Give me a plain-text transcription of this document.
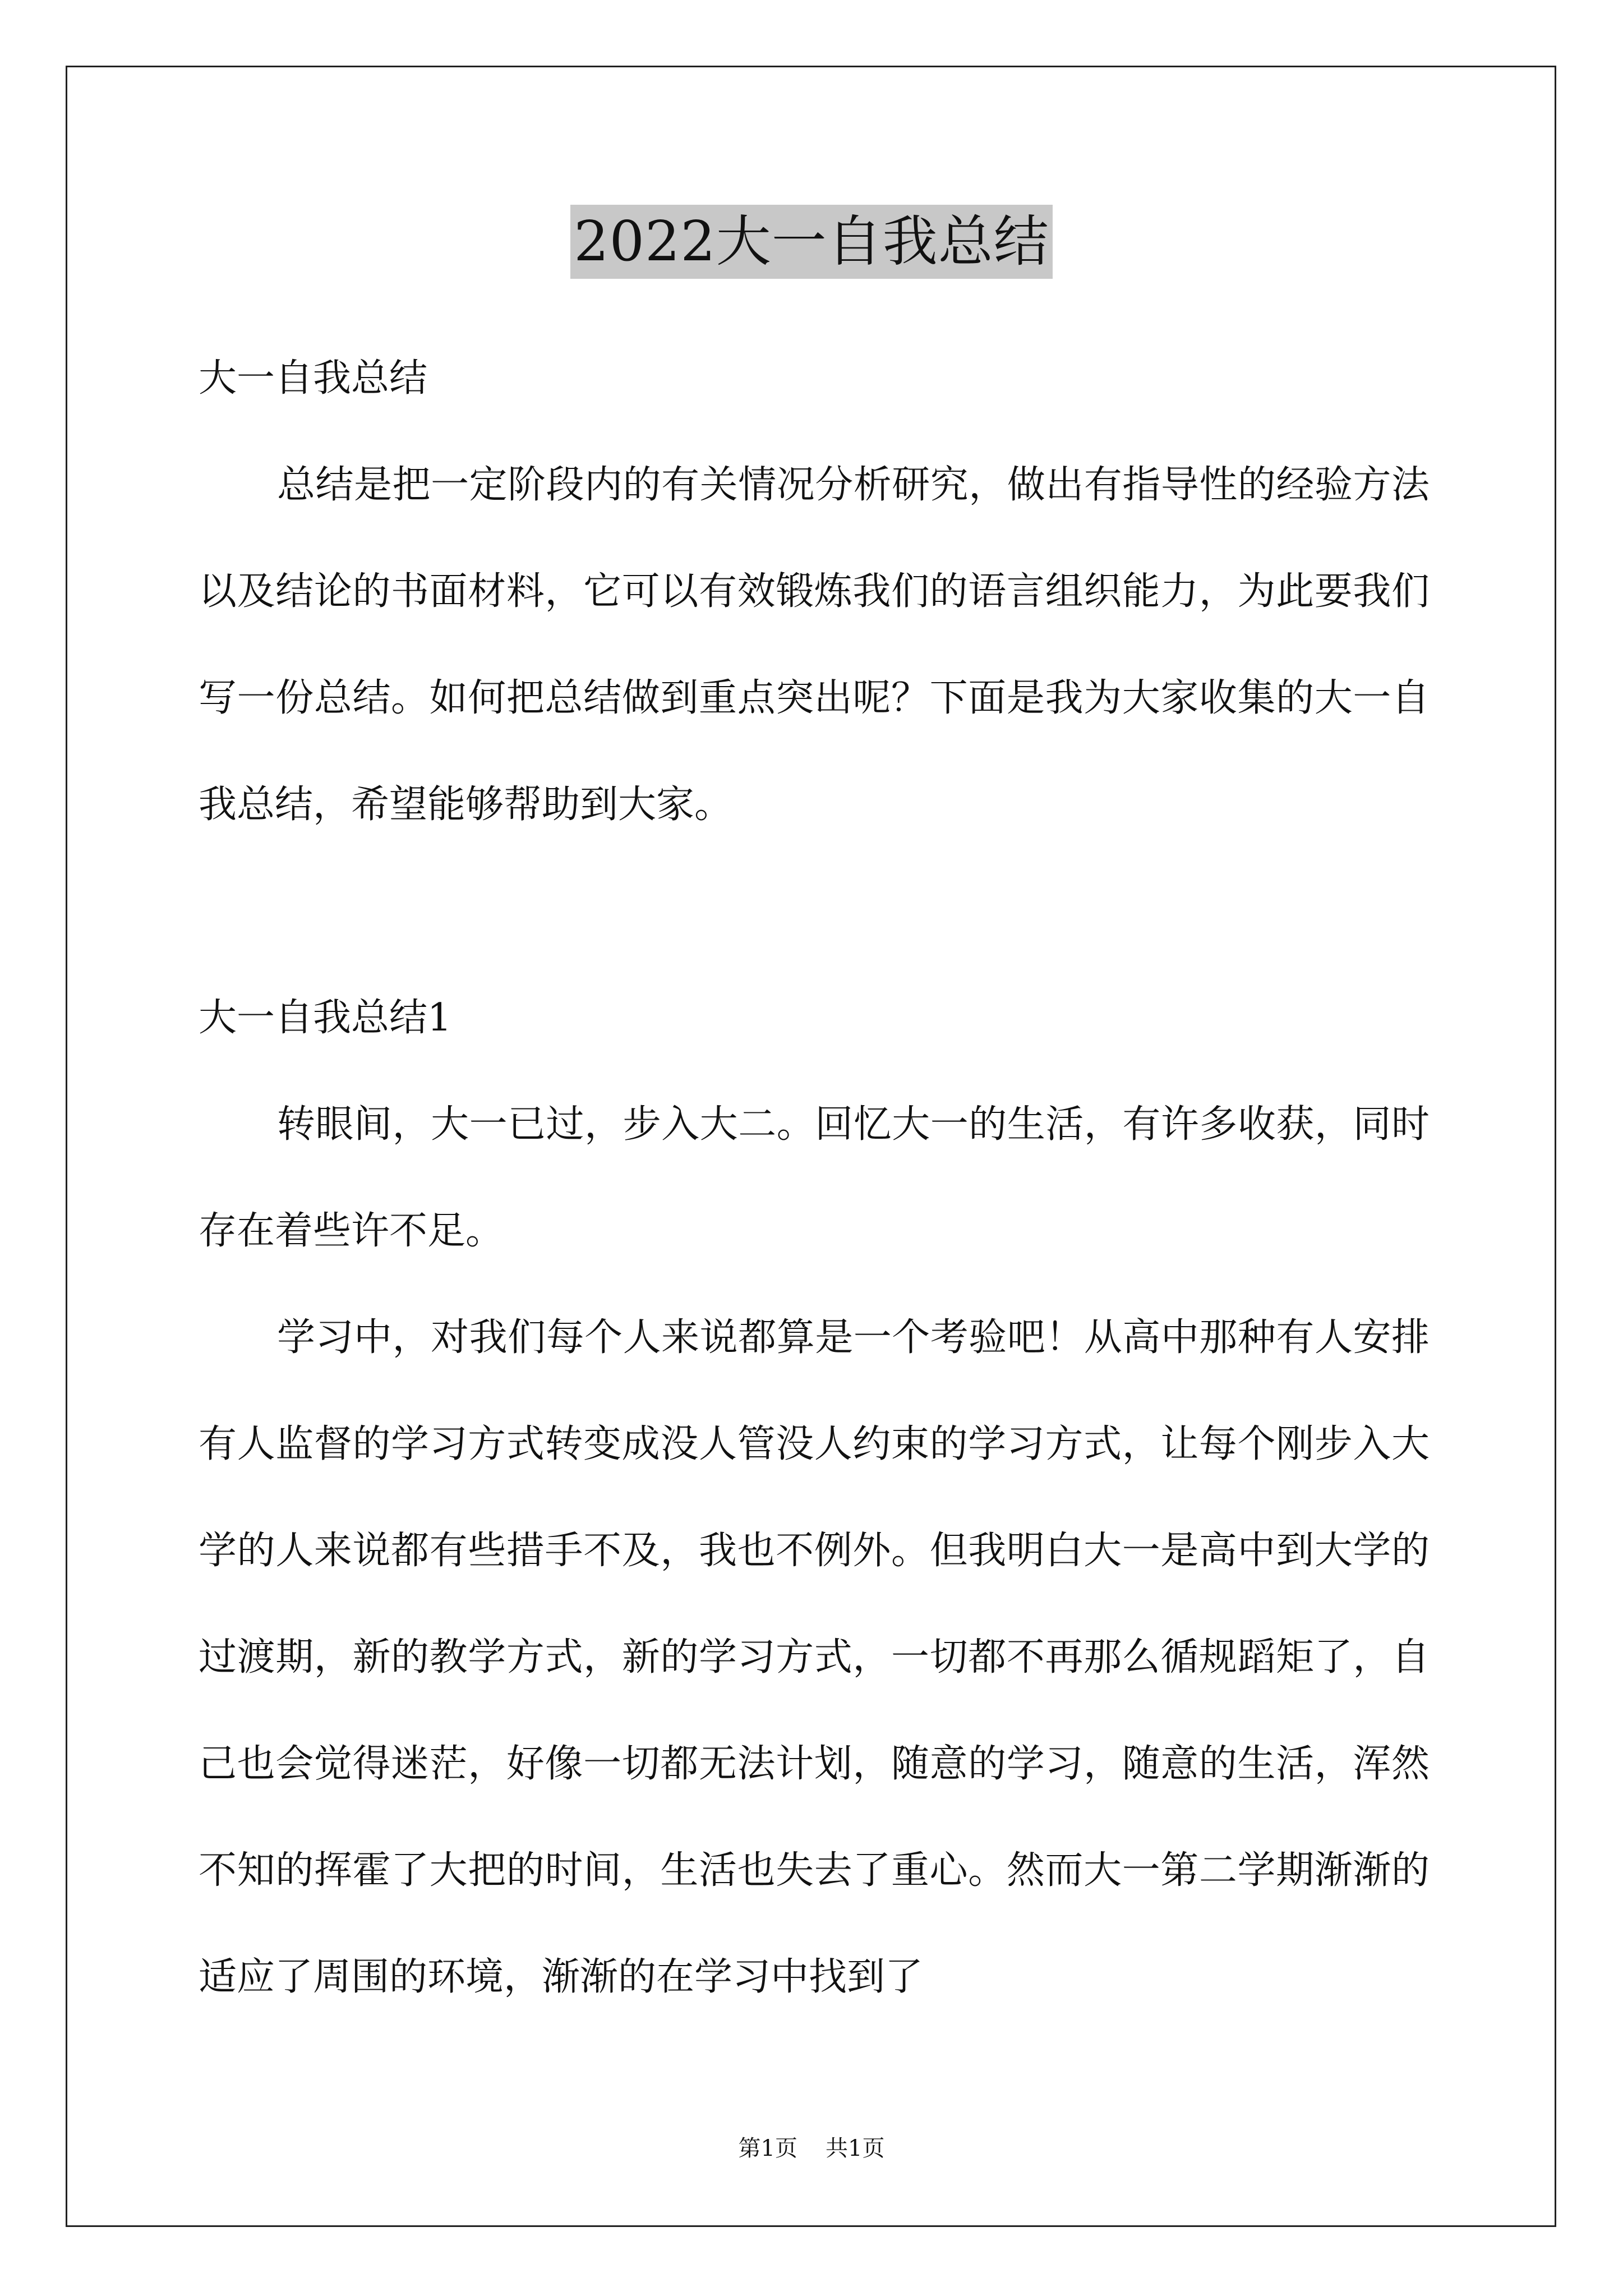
2022大一自我总结

大一自我总结

总结是把一定阶段内的有关情况分析研究，做出有指导性的经验方法以及结论的书面材料，它可以有效锻炼我们的语言组织能力，为此要我们写一份总结。如何把总结做到重点突出呢？下面是我为大家收集的大一自我总结，希望能够帮助到大家。

大一自我总结1

转眼间，大一已过，步入大二。回忆大一的生活，有许多收获，同时存在着些许不足。

学习中，对我们每个人来说都算是一个考验吧！从高中那种有人安排有人监督的学习方式转变成没人管没人约束的学习方式，让每个刚步入大学的人来说都有些措手不及，我也不例外。但我明白大一是高中到大学的过渡期，新的教学方式，新的学习方式，一切都不再那么循规蹈矩了，自己也会觉得迷茫，好像一切都无法计划，随意的学习，随意的生活，浑然不知的挥霍了大把的时间，生活也失去了重心。然而大一第二学期渐渐的适应了周围的环境，渐渐的在学习中找到了

第1页 共1页
